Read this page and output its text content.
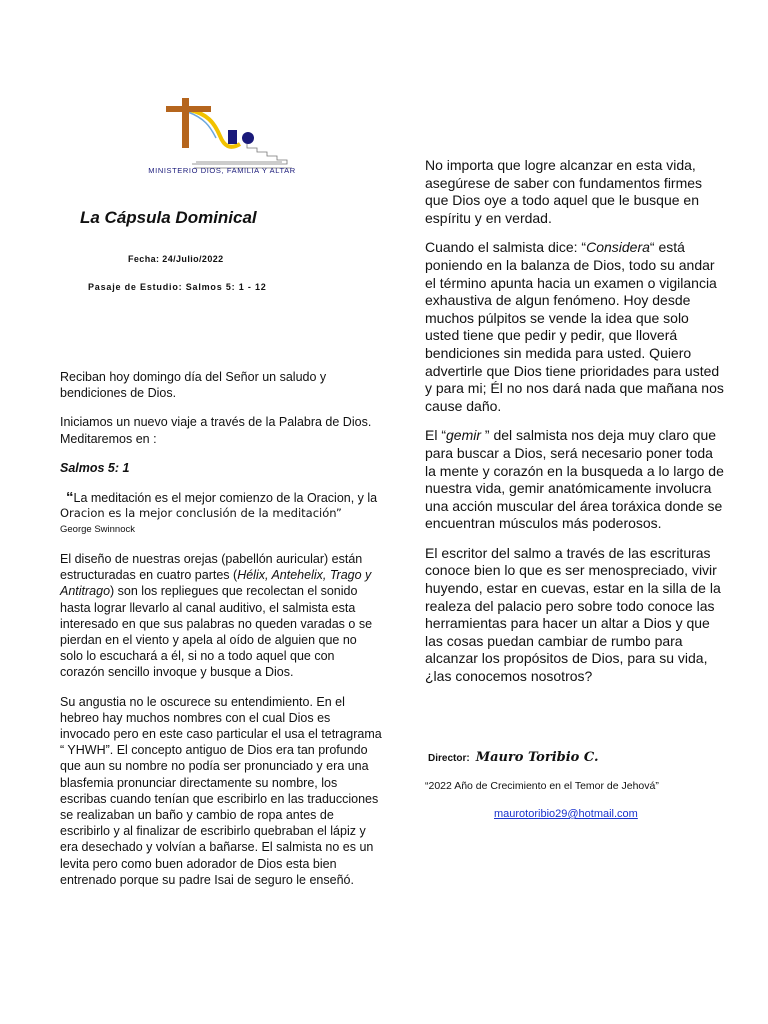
MINISTERIO DIOS, FAMILIA Y ALTAR
La Cápsula Dominical
Fecha: 24/Julio/2022
Pasaje de Estudio: Salmos 5: 1 - 12

Reciban hoy domingo día del Señor un saludo y bendiciones de Dios.

Iniciamos un nuevo viaje a través de la Palabra de Dios. Meditaremos en :

Salmos 5: 1

“La meditación es el mejor comienzo de la Oracion, y la Oracion es la mejor conclusión de la meditación”
George Swinnock

El diseño de nuestras orejas (pabellón auricular) están estructuradas en cuatro partes (Hélix, Antehelix, Trago y Antitrago) son los repliegues que recolectan el sonido hasta lograr llevarlo al canal auditivo, el salmista esta interesado en que sus palabras no queden varadas o se pierdan en el viento y apela al oído de alguien que no solo lo escuchará a él, si no a todo aquel que con corazón sencillo invoque y busque a Dios.

Su angustia no le oscurece su entendimiento. En el hebreo hay muchos nombres con el cual Dios es invocado pero en este caso particular el usa el tetragrama “ YHWH”. El concepto antiguo de Dios era tan profundo que aun su nombre no podía ser pronunciado y era una blasfemia pronunciar directamente su nombre, los escribas cuando tenían que escribirlo en las traducciones se realizaban un baño y cambio de ropa antes de escribirlo y al finalizar de escribirlo quebraban el lápiz y era desechado y volvían a bañarse. El salmista no es un levita pero como buen adorador de Dios esta bien entrenado porque su padre Isai de seguro le enseñó.

No importa que logre alcanzar en esta vida, asegúrese de saber con fundamentos firmes que Dios oye a todo aquel que le busque en espíritu y en verdad.

Cuando el salmista dice: “Considera“ está poniendo en la balanza de Dios, todo su andar el término apunta hacia un examen o vigilancia exhaustiva de algun fenómeno. Hoy desde muchos púlpitos se vende la idea que solo usted tiene que pedir y pedir, que lloverá bendiciones sin medida para usted. Quiero advertirle que Dios tiene prioridades para usted y para mi; Él no nos dará nada que mañana nos cause daño.

El “gemir ” del salmista nos deja muy claro que para buscar a Dios, será necesario poner toda la mente y corazón en la busqueda a lo largo de nuestra vida, gemir anatómicamente involucra una acción muscular del área toráxica donde se encuentran músculos más poderosos.

El escritor del salmo a través de las escrituras conoce bien lo que es ser menospreciado, vivir huyendo, estar en cuevas, estar en la silla de la realeza del palacio pero sobre todo conoce las herramientas para hacer un altar a Dios y que las cosas puedan cambiar de rumbo para alcanzar los propósitos de Dios, para su vida, ¿las conocemos nosotros?

Director: Mauro Toribio C.
“2022 Año de Crecimiento en el Temor de Jehová”
maurotoribio29@hotmail.com
